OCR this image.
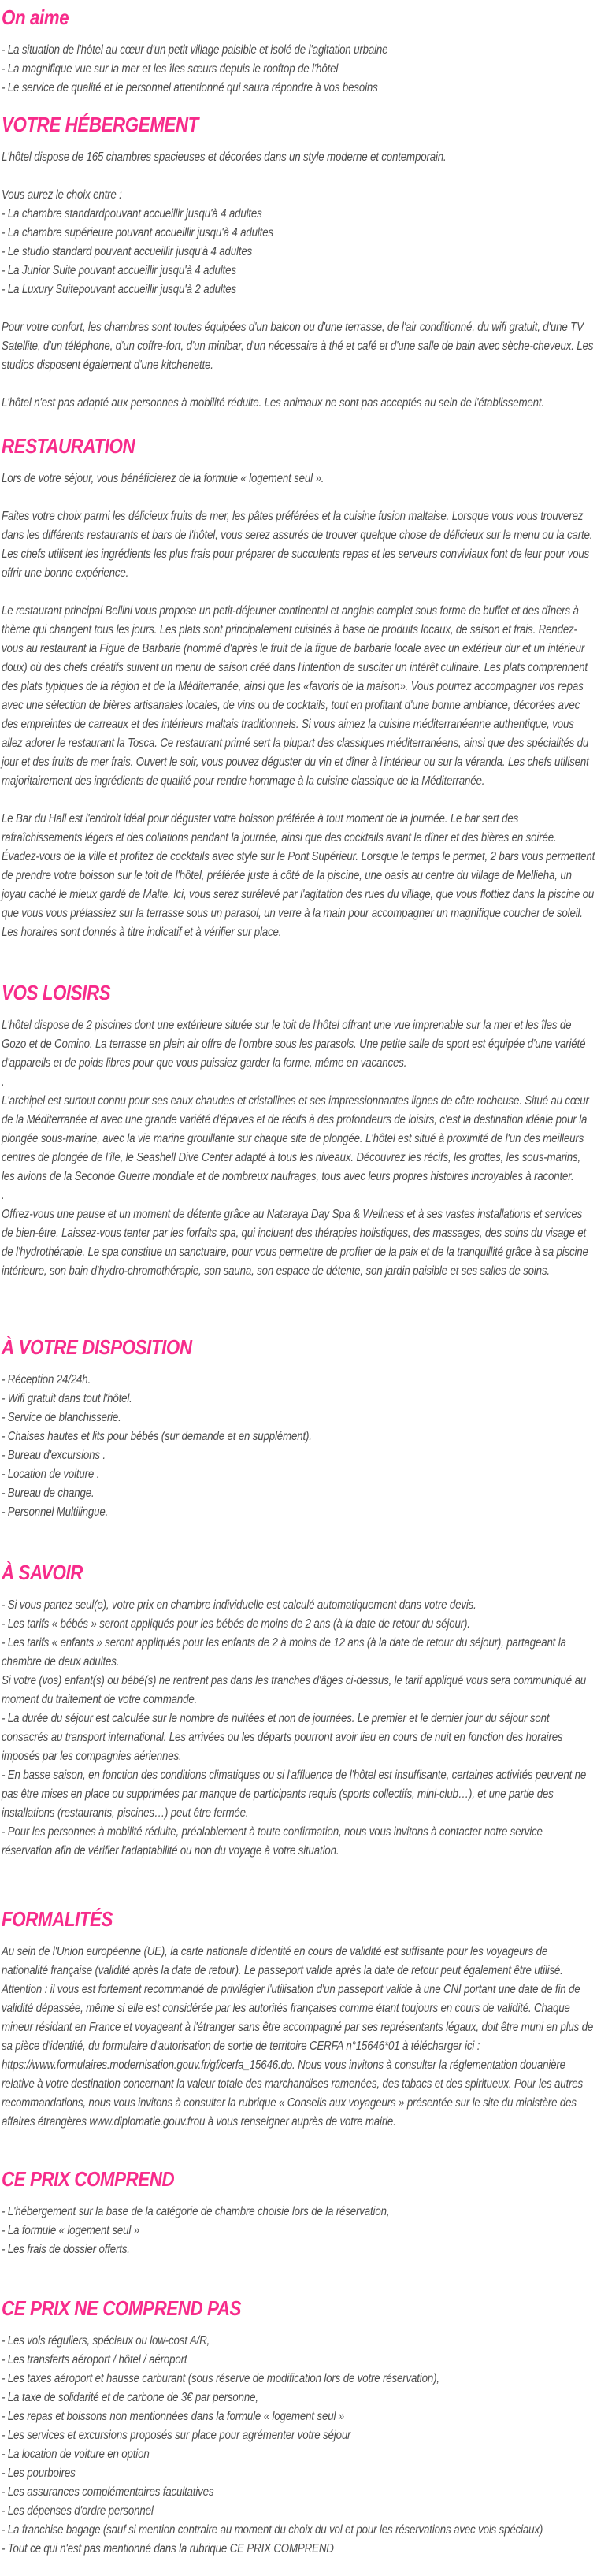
On aime

- La situation de l'hôtel au cœur d'un petit village paisible et isolé de l'agitation urbaine

- La magnifique vue sur la mer et les îles sœurs depuis le rooftop de l'hôtel

- Le service de qualité et le personnel attentionné qui saura répondre à vos besoins

VOTRE HÉBERGEMENT

L'hôtel dispose de 165 chambres spacieuses et décorées dans un style moderne et contemporain.

Vous aurez le choix entre :

- La chambre standardpouvant accueillir jusqu'à 4 adultes

- La chambre supérieure pouvant accueillir jusqu'à 4 adultes

- Le studio standard pouvant accueillir jusqu'à 4 adultes

- La Junior Suite pouvant accueillir jusqu'à 4 adultes

- La Luxury Suitepouvant accueillir jusqu'à 2 adultes

Pour votre confort, les chambres sont toutes équipées d'un balcon ou d'une terrasse, de l'air conditionné, du wifi gratuit, d'une TV Satellite, d'un téléphone, d'un coffre-fort, d'un minibar, d'un nécessaire à thé et café et d'une salle de bain avec sèche-cheveux. Les studios disposent également d'une kitchenette.

L'hôtel n'est pas adapté aux personnes à mobilité réduite. Les animaux ne sont pas acceptés au sein de l'établissement.

RESTAURATION

Lors de votre séjour, vous bénéficierez de la formule « logement seul ».

Faites votre choix parmi les délicieux fruits de mer, les pâtes préférées et la cuisine fusion maltaise. Lorsque vous vous trouverez dans les différents restaurants et bars de l'hôtel, vous serez assurés de trouver quelque chose de délicieux sur le menu ou la carte. Les chefs utilisent les ingrédients les plus frais pour préparer de succulents repas et les serveurs conviviaux font de leur pour vous offrir une bonne expérience.

Le restaurant principal Bellini vous propose un petit-déjeuner continental et anglais complet sous forme de buffet et des dîners à thème qui changent tous les jours. Les plats sont principalement cuisinés à base de produits locaux, de saison et frais. Rendez-vous au restaurant la Figue de Barbarie (nommé d'après le fruit de la figue de barbarie locale avec un extérieur dur et un intérieur doux) où des chefs créatifs suivent un menu de saison créé dans l'intention de susciter un intérêt culinaire. Les plats comprennent des plats typiques de la région et de la Méditerranée, ainsi que les «favoris de la maison». Vous pourrez accompagner vos repas avec une sélection de bières artisanales locales, de vins ou de cocktails, tout en profitant d'une bonne ambiance, décorées avec des empreintes de carreaux et des intérieurs maltais traditionnels. Si vous aimez la cuisine méditerranéenne authentique, vous allez adorer le restaurant la Tosca. Ce restaurant primé sert la plupart des classiques méditerranéens, ainsi que des spécialités du jour et des fruits de mer frais. Ouvert le soir, vous pouvez déguster du vin et dîner à l'intérieur ou sur la véranda. Les chefs utilisent majoritairement des ingrédients de qualité pour rendre hommage à la cuisine classique de la Méditerranée.

Le Bar du Hall est l'endroit idéal pour déguster votre boisson préférée à tout moment de la journée. Le bar sert des rafraîchissements légers et des collations pendant la journée, ainsi que des cocktails avant le dîner et des bières en soirée. Évadez-vous de la ville et profitez de cocktails avec style sur le Pont Supérieur. Lorsque le temps le permet, 2 bars vous permettent de prendre votre boisson sur le toit de l'hôtel, préférée juste à côté de la piscine, une oasis au centre du village de Mellieha, un joyau caché le mieux gardé de Malte. Ici, vous serez surélevé par l'agitation des rues du village, que vous flottiez dans la piscine ou que vous vous prélassiez sur la terrasse sous un parasol, un verre à la main pour accompagner un magnifique coucher de soleil. Les horaires sont donnés à titre indicatif et à vérifier sur place.

VOS LOISIRS

L'hôtel dispose de 2 piscines dont une extérieure située sur le toit de l'hôtel offrant une vue imprenable sur la mer et les îles de Gozo et de Comino. La terrasse en plein air offre de l'ombre sous les parasols. Une petite salle de sport est équipée d'une variété d'appareils et de poids libres pour que vous puissiez garder la forme, même en vacances.

.

L'archipel est surtout connu pour ses eaux chaudes et cristallines et ses impressionnantes lignes de côte rocheuse. Situé au cœur de la Méditerranée et avec une grande variété d'épaves et de récifs à des profondeurs de loisirs, c'est la destination idéale pour la plongée sous-marine, avec la vie marine grouillante sur chaque site de plongée. L'hôtel est situé à proximité de l'un des meilleurs centres de plongée de l'île, le Seashell Dive Center adapté à tous les niveaux. Découvrez les récifs, les grottes, les sous-marins, les avions de la Seconde Guerre mondiale et de nombreux naufrages, tous avec leurs propres histoires incroyables à raconter.

.

Offrez-vous une pause et un moment de détente grâce au Nataraya Day Spa & Wellness et à ses vastes installations et services de bien-être. Laissez-vous tenter par les forfaits spa, qui incluent des thérapies holistiques, des massages, des soins du visage et de l'hydrothérapie. Le spa constitue un sanctuaire, pour vous permettre de profiter de la paix et de la tranquillité grâce à sa piscine intérieure, son bain d'hydro-chromothérapie, son sauna, son espace de détente, son jardin paisible et ses salles de soins.

À VOTRE DISPOSITION

- Réception 24/24h.

- Wifi gratuit dans tout l'hôtel.

- Service de blanchisserie.

- Chaises hautes et lits pour bébés (sur demande et en supplément).

- Bureau d'excursions .

- Location de voiture .

- Bureau de change.

- Personnel Multilingue.

À SAVOIR

- Si vous partez seul(e), votre prix en chambre individuelle est calculé automatiquement dans votre devis.

- Les tarifs « bébés » seront appliqués pour les bébés de moins de 2 ans (à la date de retour du séjour).

- Les tarifs « enfants » seront appliqués pour les enfants de 2 à moins de 12 ans (à la date de retour du séjour), partageant la chambre de deux adultes.

Si votre (vos) enfant(s) ou bébé(s) ne rentrent pas dans les tranches d'âges ci-dessus, le tarif appliqué vous sera communiqué au moment du traitement de votre commande.

- La durée du séjour est calculée sur le nombre de nuitées et non de journées. Le premier et le dernier jour du séjour sont consacrés au transport international. Les arrivées ou les départs pourront avoir lieu en cours de nuit en fonction des horaires imposés par les compagnies aériennes.

- En basse saison, en fonction des conditions climatiques ou si l'affluence de l'hôtel est insuffisante, certaines activités peuvent ne pas être mises en place ou supprimées par manque de participants requis (sports collectifs, mini-club…), et une partie des installations (restaurants, piscines…) peut être fermée.

- Pour les personnes à mobilité réduite, préalablement à toute confirmation, nous vous invitons à contacter notre service réservation afin de vérifier l'adaptabilité ou non du voyage à votre situation.

FORMALITÉS

Au sein de l'Union européenne (UE), la carte nationale d'identité en cours de validité est suffisante pour les voyageurs de nationalité française (validité après la date de retour). Le passeport valide après la date de retour peut également être utilisé. Attention : il vous est fortement recommandé de privilégier l'utilisation d'un passeport valide à une CNI portant une date de fin de validité dépassée, même si elle est considérée par les autorités françaises comme étant toujours en cours de validité. Chaque mineur résidant en France et voyageant à l'étranger sans être accompagné par ses représentants légaux, doit être muni en plus de sa pièce d'identité, du formulaire d'autorisation de sortie de territoire CERFA n°15646*01 à télécharger ici : https://www.formulaires.modernisation.gouv.fr/gf/cerfa_15646.do. Nous vous invitons à consulter la réglementation douanière relative à votre destination concernant la valeur totale des marchandises ramenées, des tabacs et des spiritueux. Pour les autres recommandations, nous vous invitons à consulter la rubrique « Conseils aux voyageurs » présentée sur le site du ministère des affaires étrangères www.diplomatie.gouv.frou à vous renseigner auprès de votre mairie.

CE PRIX COMPREND

- L'hébergement sur la base de la catégorie de chambre choisie lors de la réservation,

- La formule « logement seul »

- Les frais de dossier offerts.

CE PRIX NE COMPREND PAS

- Les vols réguliers, spéciaux ou low-cost A/R,

- Les transferts aéroport / hôtel / aéroport

- Les taxes aéroport et hausse carburant (sous réserve de modification lors de votre réservation),

- La taxe de solidarité et de carbone de 3€ par personne,

- Les repas et boissons non mentionnées dans la formule « logement seul »

- Les services et excursions proposés sur place pour agrémenter votre séjour

- La location de voiture en option

- Les pourboires

- Les assurances complémentaires facultatives

- Les dépenses d'ordre personnel

- La franchise bagage (sauf si mention contraire au moment du choix du vol et pour les réservations avec vols spéciaux)

- Tout ce qui n'est pas mentionné dans la rubrique CE PRIX COMPREND
